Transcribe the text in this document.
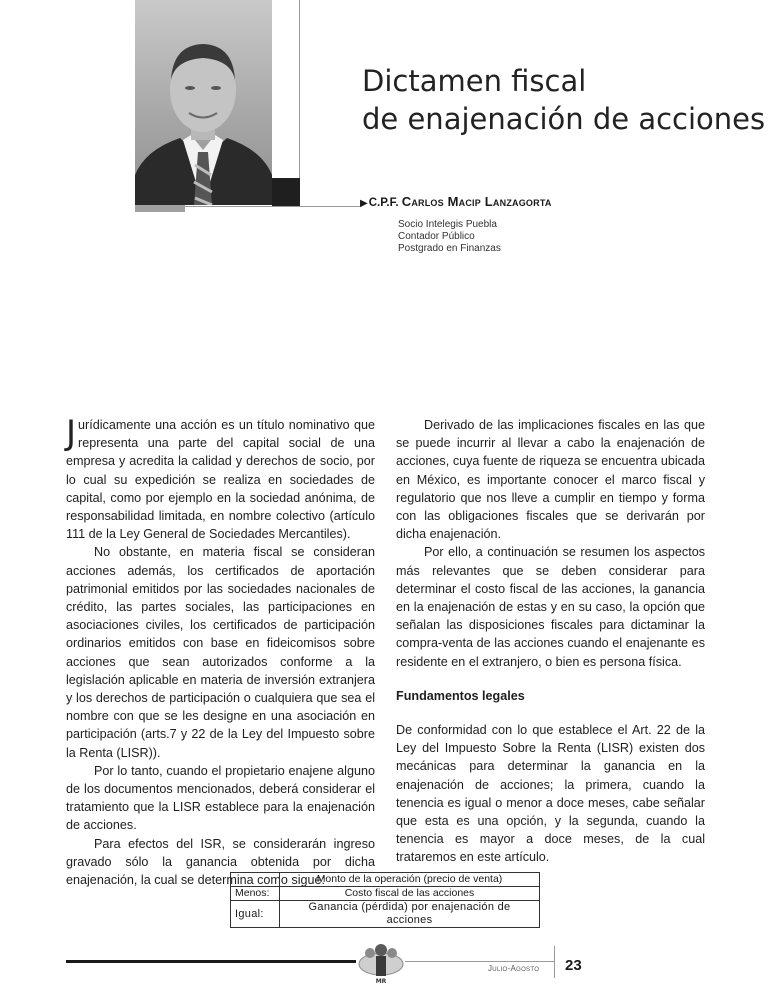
Dictamen fiscal
de enajenación de acciones
▶C.P.F. Carlos Macip Lanzagorta
Socio Intelegis Puebla
Contador Público
Postgrado en Finanzas

Jurídicamente una acción es un título nominativo que representa una parte del capital social de una empresa y acredita la calidad y derechos de socio, por lo cual su expedición se realiza en sociedades de capital, como por ejemplo en la sociedad anónima, de responsabilidad limitada, en nombre colectivo (artículo 111 de la Ley General de Sociedades Mercantiles).

No obstante, en materia fiscal se consideran acciones además, los certificados de aportación patrimonial emitidos por las sociedades nacionales de crédito, las partes sociales, las participaciones en asociaciones civiles, los certificados de participación ordinarios emitidos con base en fideicomisos sobre acciones que sean autorizados conforme a la legislación aplicable en materia de inversión extranjera y los derechos de participación o cualquiera que sea el nombre con que se les designe en una asociación en participación (arts.7 y 22 de la Ley del Impuesto sobre la Renta (LISR)).

Por lo tanto, cuando el propietario enajene alguno de los documentos mencionados, deberá considerar el tratamiento que la LISR establece para la enajenación de acciones.

Para efectos del ISR, se considerarán ingreso gravado sólo la ganancia obtenida por dicha enajenación, la cual se determina como sigue:

Derivado de las implicaciones fiscales en las que se puede incurrir al llevar a cabo la enajenación de acciones, cuya fuente de riqueza se encuentra ubicada en México, es importante conocer el marco fiscal y regulatorio que nos lleve a cumplir en tiempo y forma con las obligaciones fiscales que se derivarán por dicha enajenación.

Por ello, a continuación se resumen los aspectos más relevantes que se deben considerar para determinar el costo fiscal de las acciones, la ganancia en la enajenación de estas y en su caso, la opción que señalan las disposiciones fiscales para dictaminar la compra-venta de las acciones cuando el enajenante es residente en el extranjero, o bien es persona física.

Fundamentos legales

De conformidad con lo que establece el Art. 22 de la Ley del Impuesto Sobre la Renta (LISR) existen dos mecánicas para determinar la ganancia en la enajenación de acciones; la primera, cuando la tenencia es igual o menor a doce meses, cabe señalar que esta es una opción, y la segunda, cuando la tenencia es mayor a doce meses, de la cual trataremos en este artículo.

	Monto de la operación (precio de venta)
Menos:	Costo fiscal de las acciones
Igual:	Ganancia (pérdida) por enajenación de acciones
MR
Julio-Agosto 23
